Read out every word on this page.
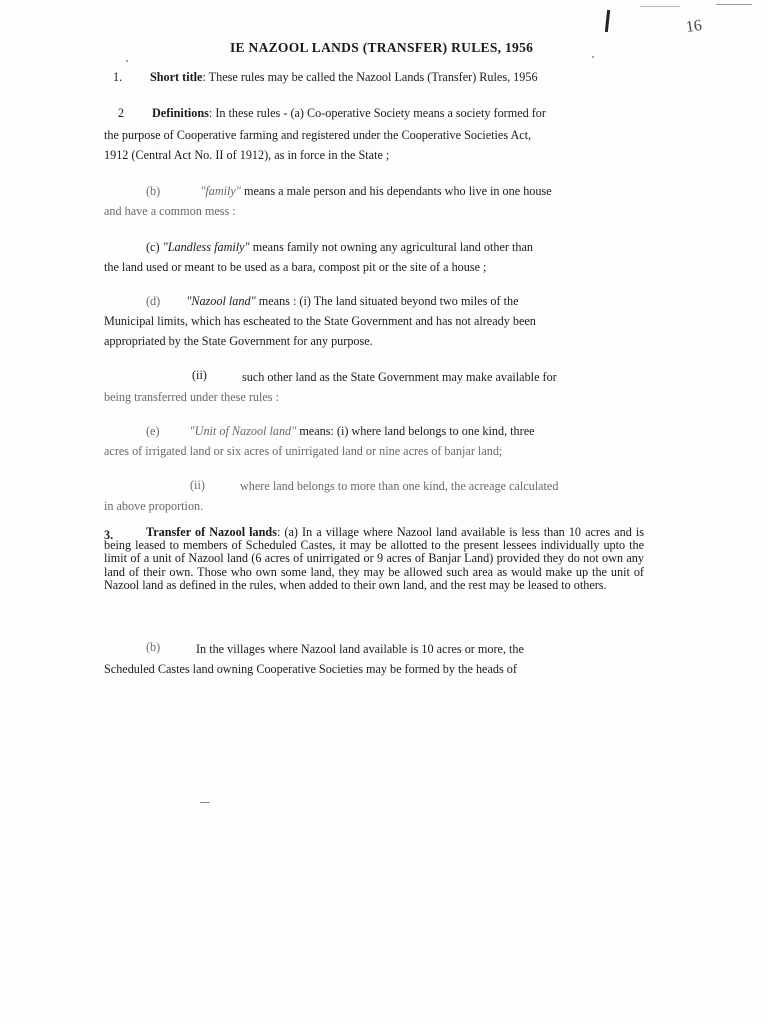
16
IE NAZOOL LANDS (TRANSFER) RULES, 1956
1. Short title: These rules may be called the Nazool Lands (Transfer) Rules, 1956
2 Definitions: In these rules - (a) Co-operative Society means a society formed for
the purpose of Cooperative farming and registered under the Cooperative Societies Act,
1912 (Central Act No. II of 1912), as in force in the State ;
(b)	"family" means a male person and his dependants who live in one house
and have a common mess :
(c) "Landless family" means family not owning any agricultural land other than
the land used or meant to be used as a bara, compost pit or the site of a house ;
(d) "Nazool land" means : (i) The land situated beyond two miles of the
Municipal limits, which has escheated to the State Government and has not already been
appropriated by the State Government for any purpose.
(ii)	such other land as the State Government may make available for
being transferred under these rules :
(e) "Unit of Nazool land" means: (i) where land belongs to one kind, three
acres of irrigated land or six acres of unirrigated land or nine acres of banjar land;
(ii)	where land belongs to more than one kind, the acreage calculated
in above proportion.
3.	Transfer of Nazool lands: (a) In a village where Nazool land available is less than 10 acres and is being leased to members of Scheduled Castes, it may be allotted to the present lessees individually upto the limit of a unit of Nazool land (6 acres of unirrigated or 9 acres of Banjar Land) provided they do not own any land of their own. Those who own some land, they may be allowed such area as would make up the unit of Nazool land as defined in the rules, when added to their own land, and the rest may be leased to others.
(b)	In the villages where Nazool land available is 10 acres or more, the
Scheduled Castes land owning Cooperative Societies may be formed by the heads of
